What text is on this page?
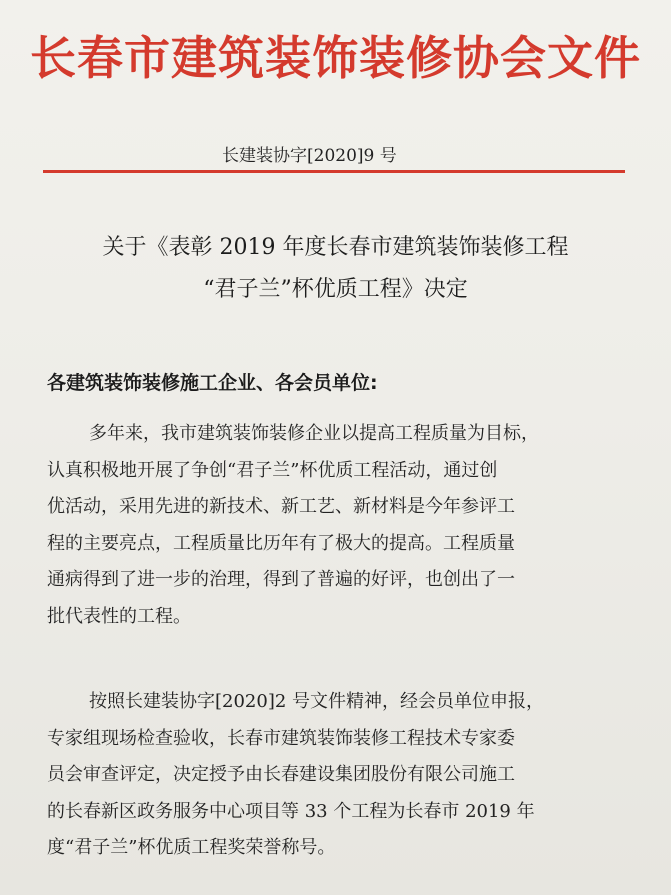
长春市建筑装饰装修协会文件
长建装协字[2020]9 号
关于《表彰 2019 年度长春市建筑装饰装修工程
“君子兰”杯优质工程》决定
各建筑装饰装修施工企业、各会员单位:
多年来，我市建筑装饰装修企业以提高工程质量为目标，
认真积极地开展了争创“君子兰”杯优质工程活动，通过创
优活动，采用先进的新技术、新工艺、新材料是今年参评工
程的主要亮点，工程质量比历年有了极大的提高。工程质量
通病得到了进一步的治理，得到了普遍的好评，也创出了一
批代表性的工程。
按照长建装协字[2020]2 号文件精神，经会员单位申报，
专家组现场检查验收，长春市建筑装饰装修工程技术专家委
员会审查评定，决定授予由长春建设集团股份有限公司施工
的长春新区政务服务中心项目等 33 个工程为长春市 2019 年
度“君子兰”杯优质工程奖荣誉称号。
